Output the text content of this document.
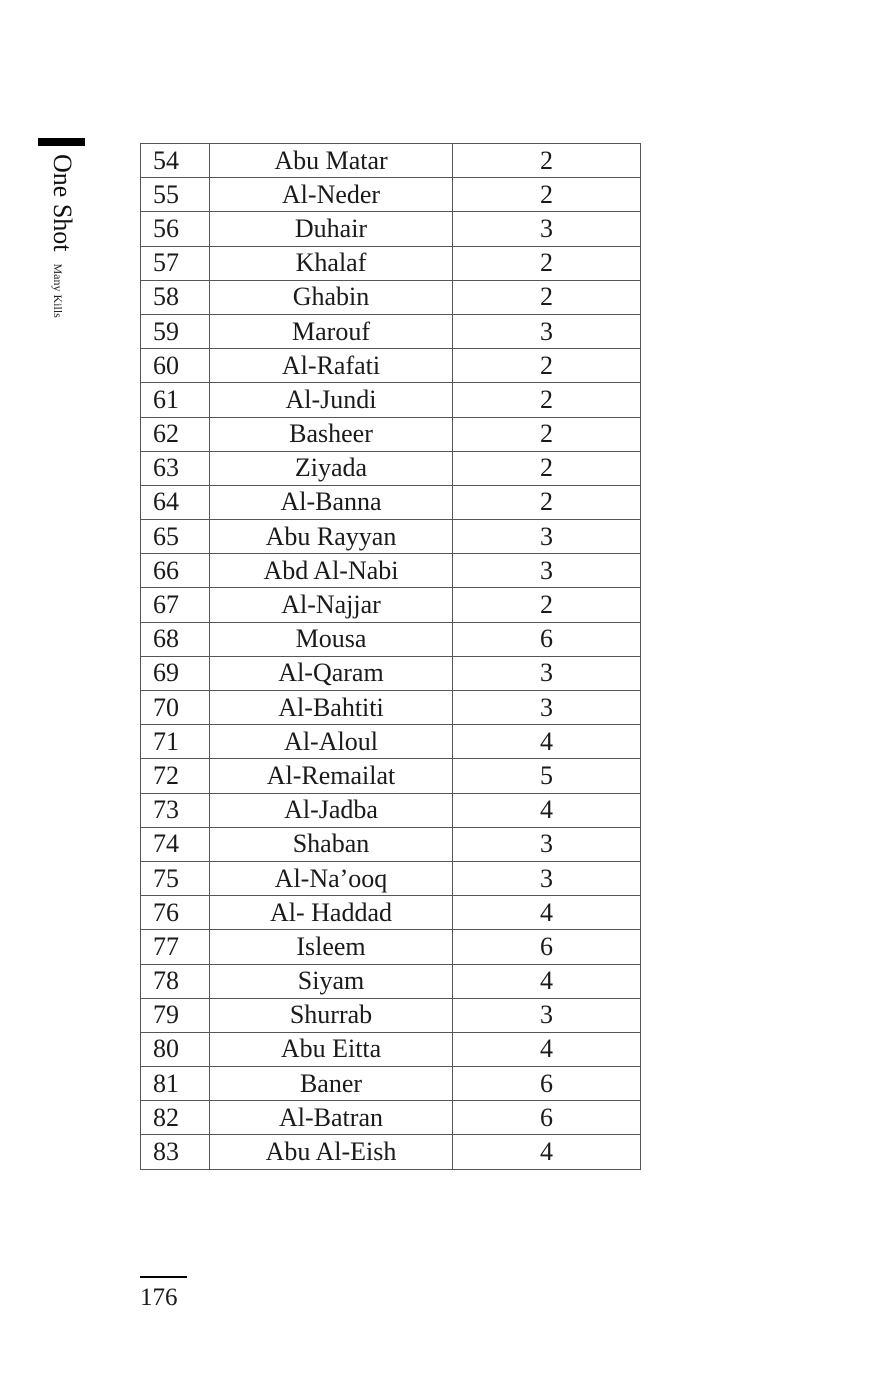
One Shot Many Kills
54	Abu Matar	2
55	Al-Neder	2
56	Duhair	3
57	Khalaf	2
58	Ghabin	2
59	Marouf	3
60	Al-Rafati	2
61	Al-Jundi	2
62	Basheer	2
63	Ziyada	2
64	Al-Banna	2
65	Abu Rayyan	3
66	Abd Al-Nabi	3
67	Al-Najjar	2
68	Mousa	6
69	Al-Qaram	3
70	Al-Bahtiti	3
71	Al-Aloul	4
72	Al-Remailat	5
73	Al-Jadba	4
74	Shaban	3
75	Al-Na’ooq	3
76	Al- Haddad	4
77	Isleem	6
78	Siyam	4
79	Shurrab	3
80	Abu Eitta	4
81	Baner	6
82	Al-Batran	6
83	Abu Al-Eish	4
176
